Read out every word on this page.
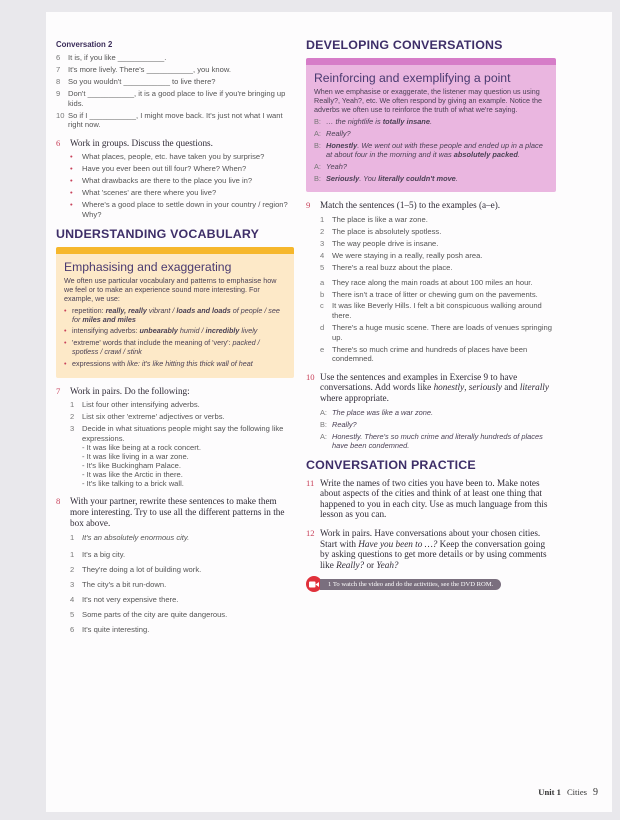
Conversation 2
6 It is, if you like ___________.
7 It's more lively. There's ___________, you know.
8 So you wouldn't ___________ to live there?
9 Don't ___________, it is a good place to live if you're bringing up kids.
10 So if I ___________, I might move back. It's just not what I want right now.
6	Work in groups. Discuss the questions.
• What places, people, etc. have taken you by surprise?
• Have you ever been out till four? Where? When?
• What drawbacks are there to the place you live in?
• What 'scenes' are there where you live?
• Where's a good place to settle down in your country / region? Why?
UNDERSTANDING VOCABULARY
Emphasising and exaggerating

We often use particular vocabulary and patterns to emphasise how we feel or to make an experience sound more interesting. For example, we use:

• repetition: really, really vibrant / loads and loads of people / see for miles and miles
• intensifying adverbs: unbearably humid / incredibly lively
• 'extreme' words that include the meaning of 'very': packed / spotless / crawl / stink
• expressions with like: it's like hitting this thick wall of heat
7	Work in pairs. Do the following:
1 List four other intensifying adverbs.
2 List six other 'extreme' adjectives or verbs.
3 Decide in what situations people might say the following like expressions.
- It was like being at a rock concert.
- It was like living in a war zone.
- It's like Buckingham Palace.
- It was like the Arctic in there.
- It's like talking to a brick wall.
8	With your partner, rewrite these sentences to make them more interesting. Try to use all the different patterns in the box above.
1 It's an absolutely enormous city.
1 It's a big city.
2 They're doing a lot of building work.
3 The city's a bit run-down.
4 It's not very expensive there.
5 Some parts of the city are quite dangerous.
6 It's quite interesting.
DEVELOPING CONVERSATIONS
Reinforcing and exemplifying a point

When we emphasise or exaggerate, the listener may question us using Really?, Yeah?, etc. We often respond by giving an example. Notice the adverbs we often use to reinforce the truth of what we're saying.

B: … the nightlife is totally insane.
A: Really?
B: Honestly. We went out with these people and ended up in a place at about four in the morning and it was absolutely packed.
A: Yeah?
B: Seriously. You literally couldn't move.
9	Match the sentences (1–5) to the examples (a–e).
1 The place is like a war zone.
2 The place is absolutely spotless.
3 The way people drive is insane.
4 We were staying in a really, really posh area.
5 There's a real buzz about the place.
a They race along the main roads at about 100 miles an hour.
b There isn't a trace of litter or chewing gum on the pavements.
c It was like Beverly Hills. I felt a bit conspicuous walking around there.
d There's a huge music scene. There are loads of venues springing up.
e There's so much crime and hundreds of places have been condemned.
10 Use the sentences and examples in Exercise 9 to have conversations. Add words like honestly, seriously and literally where appropriate.
A: The place was like a war zone.
B: Really?
A: Honestly. There's so much crime and literally hundreds of places have been condemned.
CONVERSATION PRACTICE
11 Write the names of two cities you have been to. Make notes about aspects of the cities and think of at least one thing that happened to you in each city. Use as much language from this lesson as you can.
12 Work in pairs. Have conversations about your chosen cities. Start with Have you been to …? Keep the conversation going by asking questions to get more details or by using comments like Really? or Yeah?
1 To watch the video and do the activities, see the DVD ROM.
Unit 1 Cities 9
